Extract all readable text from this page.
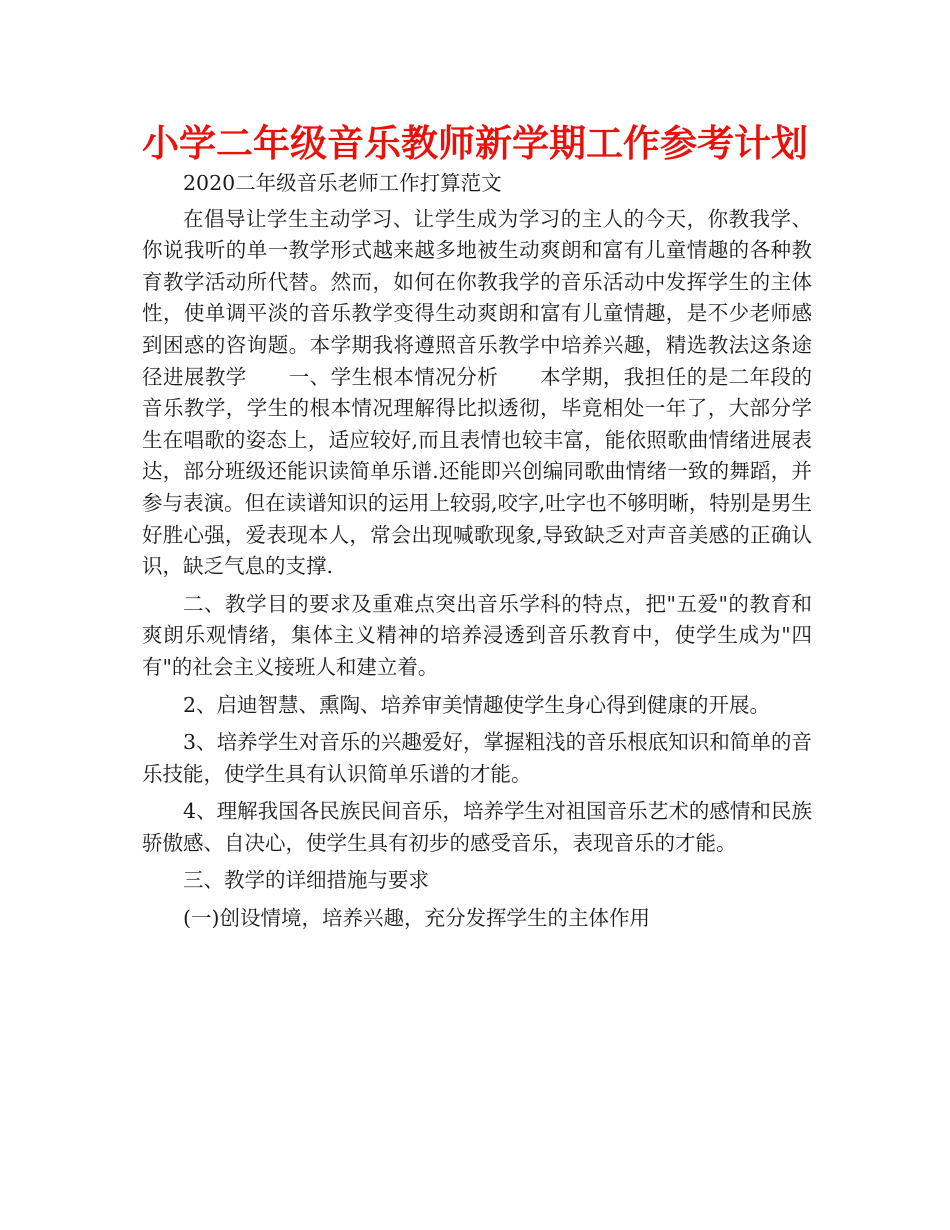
小学二年级音乐教师新学期工作参考计划

2020二年级音乐老师工作打算范文

在倡导让学生主动学习、让学生成为学习的主人的今天，你教我学、你说我听的单一教学形式越来越多地被生动爽朗和富有儿童情趣的各种教育教学活动所代替。然而，如何在你教我学的音乐活动中发挥学生的主体性，使单调平淡的音乐教学变得生动爽朗和富有儿童情趣，是不少老师感到困惑的咨询题。本学期我将遵照音乐教学中培养兴趣，精选教法这条途径进展教学　　一、学生根本情况分析　　本学期，我担任的是二年段的音乐教学，学生的根本情况理解得比拟透彻，毕竟相处一年了，大部分学生在唱歌的姿态上，适应较好,而且表情也较丰富，能依照歌曲情绪进展表达，部分班级还能识读简单乐谱.还能即兴创编同歌曲情绪一致的舞蹈，并参与表演。但在读谱知识的运用上较弱,咬字,吐字也不够明晰，特别是男生好胜心强，爱表现本人，常会出现喊歌现象,导致缺乏对声音美感的正确认识，缺乏气息的支撑.

二、教学目的要求及重难点突出音乐学科的特点，把"五爱"的教育和爽朗乐观情绪，集体主义精神的培养浸透到音乐教育中，使学生成为"四有"的社会主义接班人和建立着。

2、启迪智慧、熏陶、培养审美情趣使学生身心得到健康的开展。

3、培养学生对音乐的兴趣爱好，掌握粗浅的音乐根底知识和简单的音乐技能，使学生具有认识简单乐谱的才能。

4、理解我国各民族民间音乐，培养学生对祖国音乐艺术的感情和民族骄傲感、自决心，使学生具有初步的感受音乐，表现音乐的才能。

三、教学的详细措施与要求

(一)创设情境，培养兴趣，充分发挥学生的主体作用
